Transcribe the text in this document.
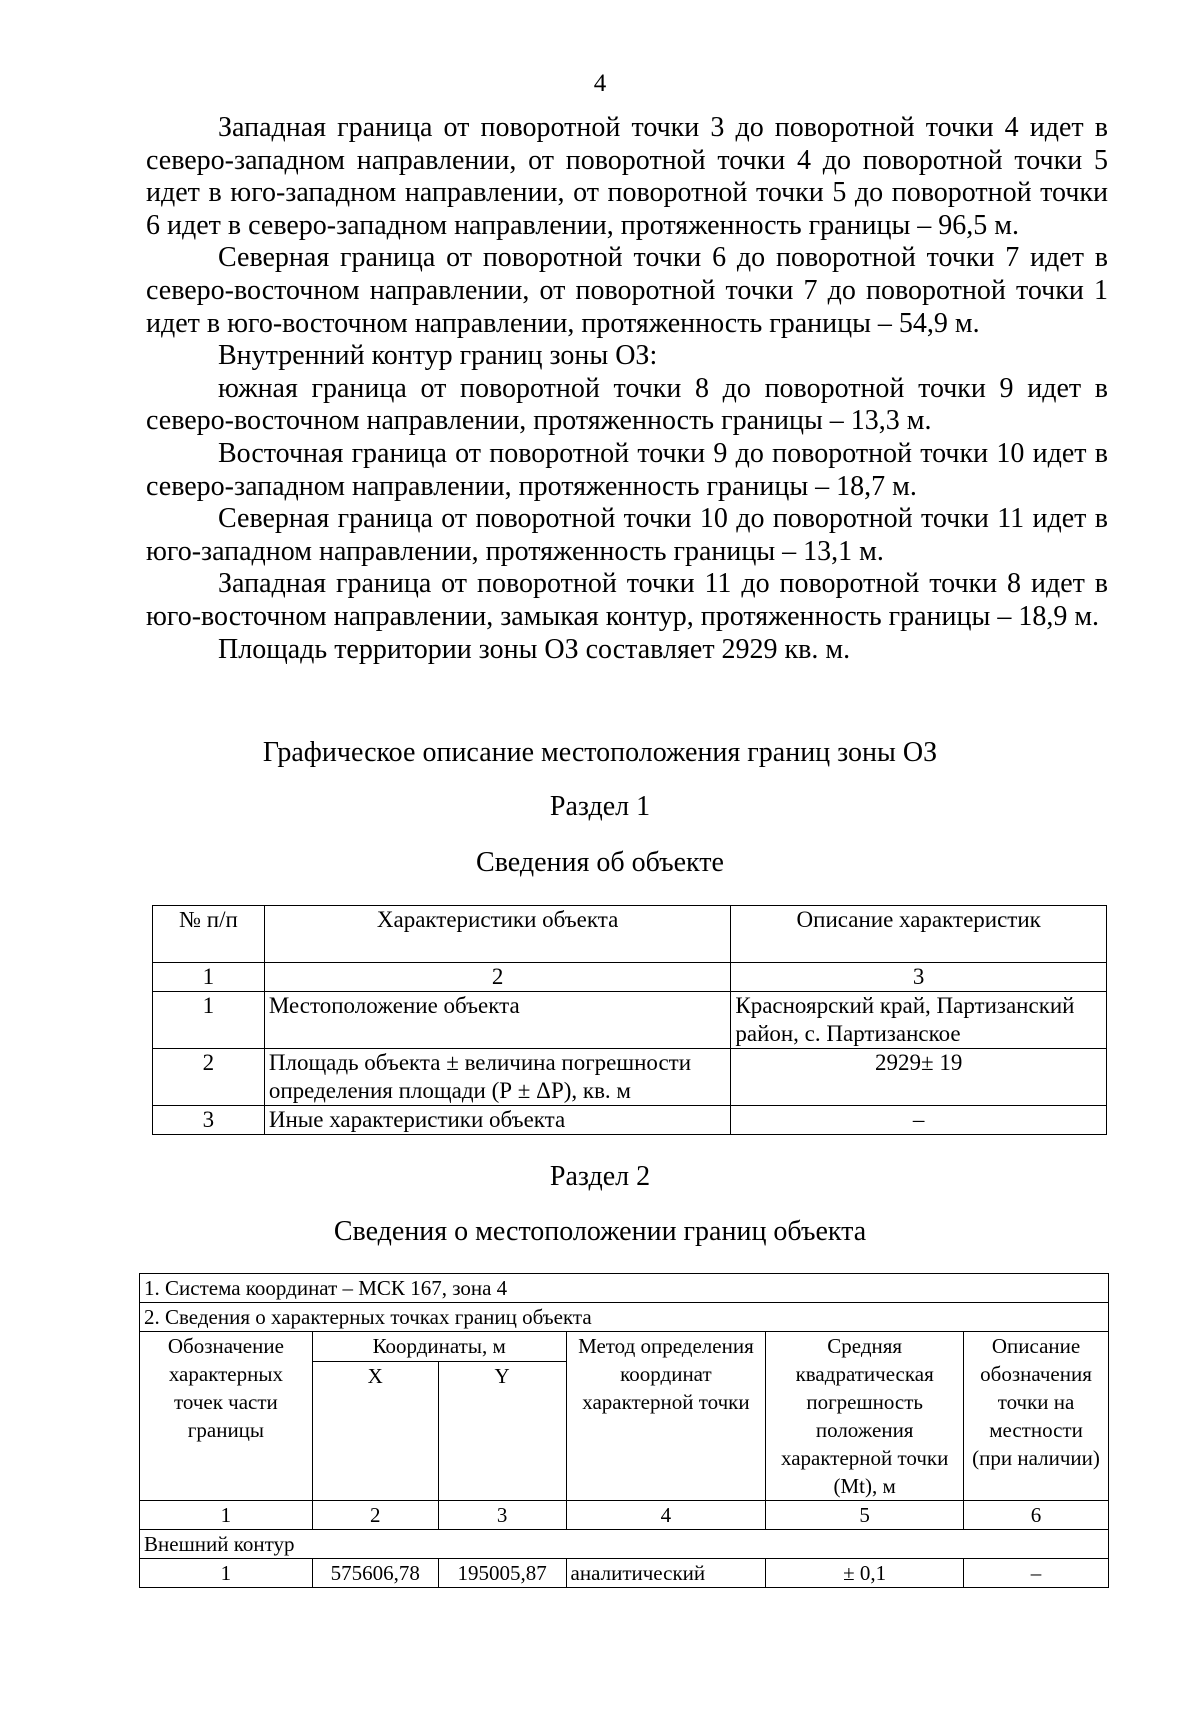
4

Западная граница от поворотной точки 3 до поворотной точки 4 идет в северо-западном направлении, от поворотной точки 4 до поворотной точки 5 идет в юго-западном направлении, от поворотной точки 5 до поворотной точки 6 идет в северо-западном направлении, протяженность границы – 96,5 м.

Северная граница от поворотной точки 6 до поворотной точки 7 идет в северо-восточном направлении, от поворотной точки 7 до поворотной точки 1 идет в юго-восточном направлении, протяженность границы – 54,9 м.

Внутренний контур границ зоны ОЗ:

южная граница от поворотной точки 8 до поворотной точки 9 идет в северо-восточном направлении, протяженность границы – 13,3 м.

Восточная граница от поворотной точки 9 до поворотной точки 10 идет в северо-западном направлении, протяженность границы – 18,7 м.

Северная граница от поворотной точки 10 до поворотной точки 11 идет в юго-западном направлении, протяженность границы – 13,1 м.

Западная граница от поворотной точки 11 до поворотной точки 8 идет в юго-восточном направлении, замыкая контур, протяженность границы – 18,9 м.

Площадь территории зоны ОЗ составляет 2929 кв. м.

Графическое описание местоположения границ зоны ОЗ
Раздел 1
Сведения об объекте
№ п/п	Характеристики объекта	Описание характеристик
1	2	3
1	Местоположение объекта	Красноярский край, Партизанский район, с. Партизанское
2	Площадь объекта ± величина погрешности определения площади (Р ± ΔР), кв. м	2929± 19
3	Иные характеристики объекта	–
Раздел 2
Сведения о местоположении границ объекта
1. Система координат – МСК 167, зона 4					
2. Сведения о характерных точках границ объекта					
Обозначение характерных точек части границы	Координаты, м		Метод определения координат характерной точки	Средняя квадратическая погрешность положения характерной точки (Mt), м	Описание обозначения точки на местности (при наличии)
	X	Y			
1	2	3	4	5	6
Внешний контур					
1	575606,78	195005,87	аналитический	± 0,1	–
